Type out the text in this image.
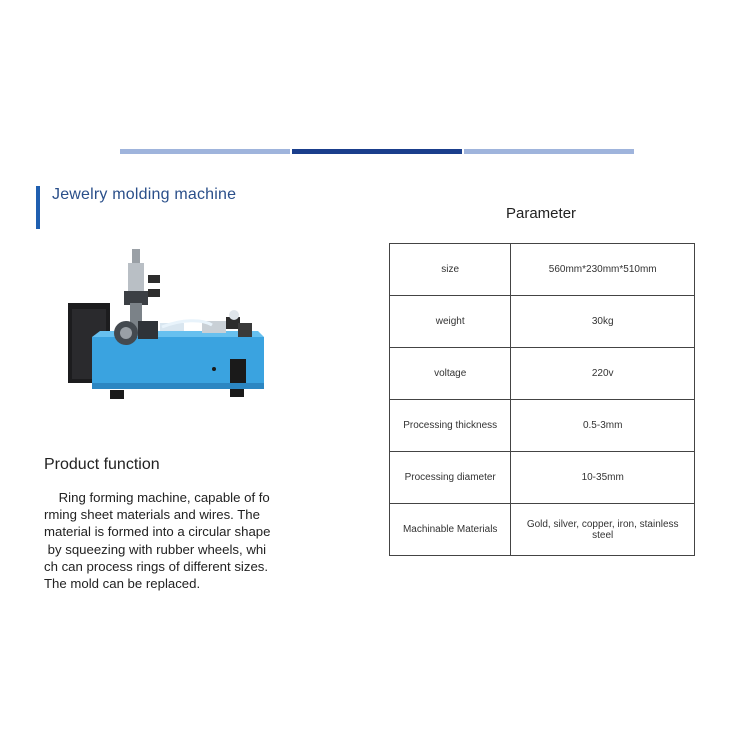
Jewelry molding machine
Product function
Ring forming machine, capable of fo
rming sheet materials and wires. The
material is formed into a circular shape
by squeezing with rubber wheels, whi
ch can process rings of different sizes.
The mold can be replaced.
Parameter
size	560mm*230mm*510mm
weight	30kg
voltage	220v
Processing thickness	0.5-3mm
Processing diameter	10-35mm
Machinable Materials	Gold, silver, copper, iron, stainless steel
